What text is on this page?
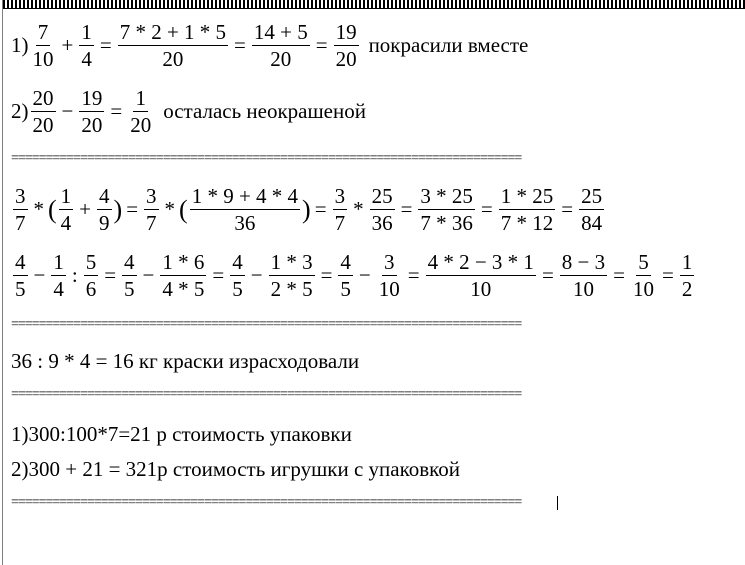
$1) \frac{7}{10} + \frac{1}{4} = \frac{7 * 2 + 1 * 5}{20} = \frac{14 + 5}{20} = \frac{19}{20}$ покрасили вместе
$2) \frac{20}{20} - \frac{19}{20} = \frac{1}{20}$ осталась неокрашеной
==========================================================================
$\frac{3}{7}$ * ( $\frac{1}{4} + \frac{4}{9}$ ) = $\frac{3}{7}$ * ( $\frac{1 * 9 + 4 * 4}{36}$ ) = $\frac{3}{7} * \frac{25}{36} = \frac{3 * 25}{7 * 36} = \frac{1 * 25}{7 * 12} = \frac{25}{84}$
$\frac{4}{5} - \frac{1}{4}$ : $\frac{5}{6} = \frac{4}{5} - \frac{1 * 6}{4 * 5} = \frac{4}{5} - \frac{1 * 3}{2 * 5} = \frac{4}{5} - \frac{3}{10} = \frac{4 * 2 - 3 * 1}{10} = \frac{8 - 3}{10} = \frac{5}{10} = \frac{1}{2}$
==========================================================================
36 : 9 * 4 = 16 кг краски израсходовали
==========================================================================
1)300:100*7=21 р стоимость упаковки
2)300 + 21 = 321р стоимость игрушки с упаковкой
==========================================================================
